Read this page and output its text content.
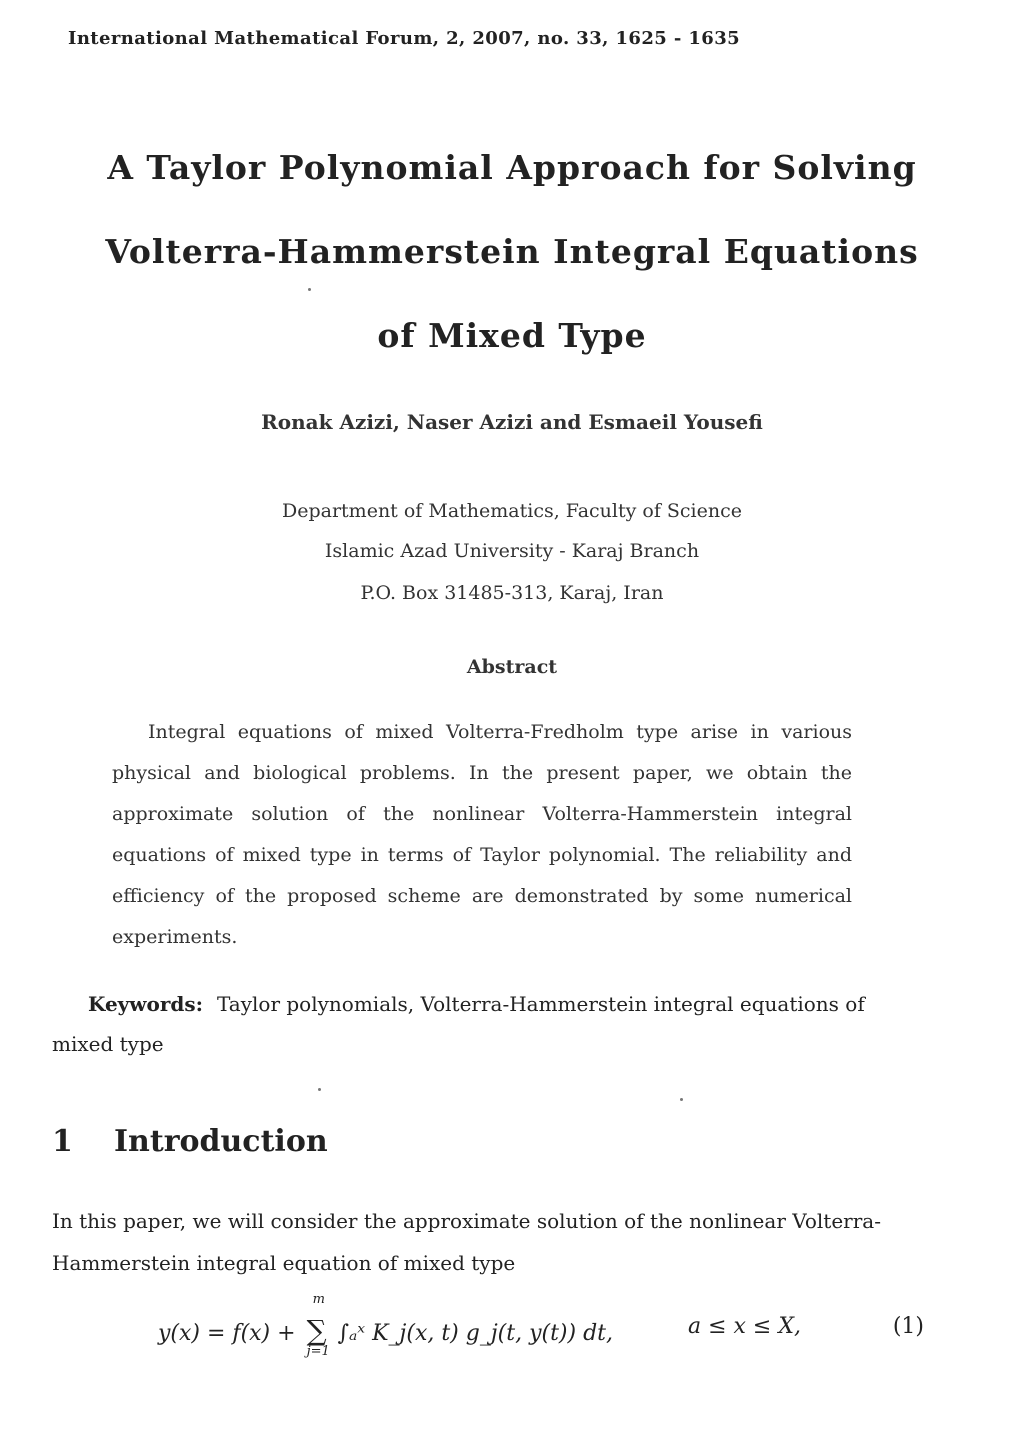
International Mathematical Forum, 2, 2007, no. 33, 1625 - 1635
A Taylor Polynomial Approach for Solving
Volterra-Hammerstein Integral Equations
of Mixed Type
Ronak Azizi, Naser Azizi and Esmaeil Yousefi
Department of Mathematics, Faculty of Science
Islamic Azad University - Karaj Branch
P.O. Box 31485-313, Karaj, Iran
Abstract
Integral equations of mixed Volterra-Fredholm type arise in various physical and biological problems. In the present paper, we obtain the approximate solution of the nonlinear Volterra-Hammerstein integral equations of mixed type in terms of Taylor polynomial. The reliability and efficiency of the proposed scheme are demonstrated by some numerical experiments.
Keywords: Taylor polynomials, Volterra-Hammerstein integral equations of mixed type
1 Introduction
In this paper, we will consider the approximate solution of the nonlinear Volterra-Hammerstein integral equation of mixed type
y(x) = f(x) + ∑
m
j=1
∫ₐˣ K_j(x, t) g_j(t, y(t)) dt,	a ≤ x ≤ X,	(1)
